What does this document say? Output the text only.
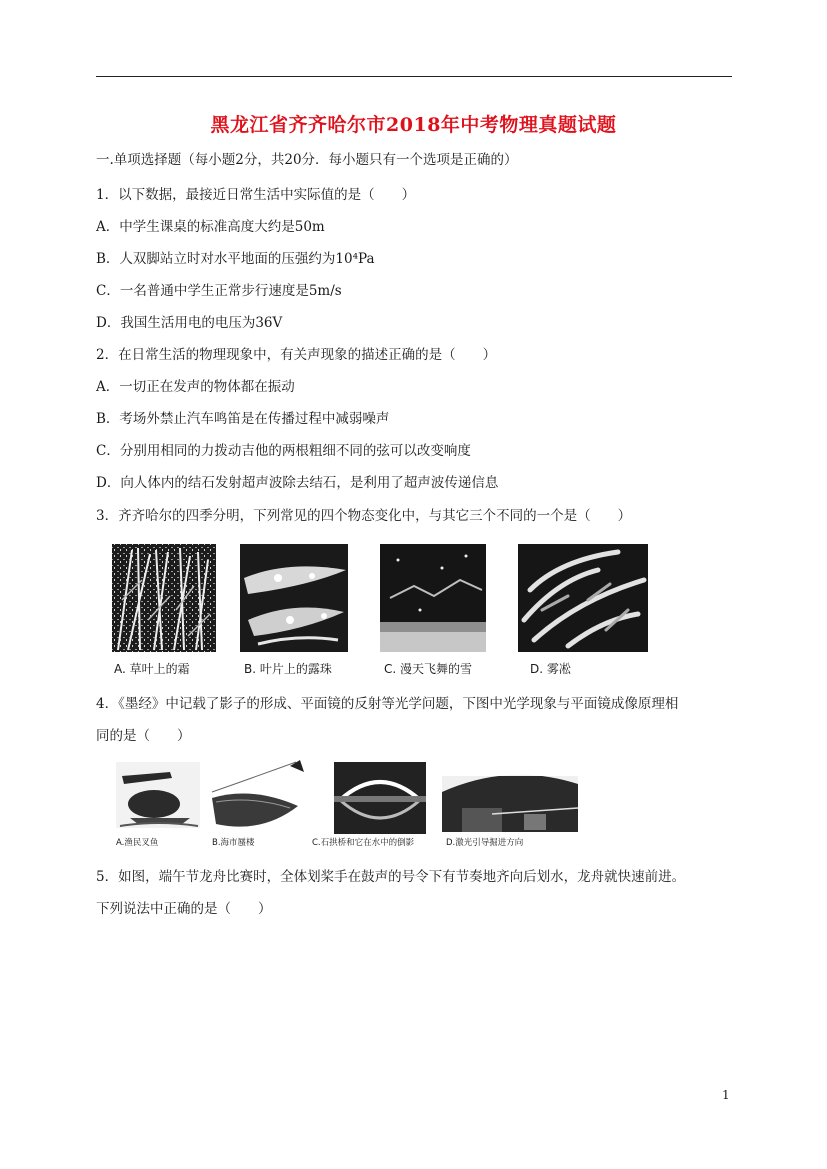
黑龙江省齐齐哈尔市2018年中考物理真题试题
一.单项选择题（每小题2分，共20分．每小题只有一个选项是正确的）
1．以下数据，最接近日常生活中实际值的是（　　）
A．中学生课桌的标准高度大约是50m
B．人双脚站立时对水平地面的压强约为10⁴Pa
C．一名普通中学生正常步行速度是5m/s
D．我国生活用电的电压为36V
2．在日常生活的物理现象中，有关声现象的描述正确的是（　　）
A．一切正在发声的物体都在振动
B．考场外禁止汽车鸣笛是在传播过程中减弱噪声
C．分别用相同的力拨动吉他的两根粗细不同的弦可以改变响度
D．向人体内的结石发射超声波除去结石，是利用了超声波传递信息
3．齐齐哈尔的四季分明，下列常见的四个物态变化中，与其它三个不同的一个是（　　）
A. 草叶上的霜	B. 叶片上的露珠	C. 漫天飞舞的雪	D. 雾凇
4．《墨经》中记载了影子的形成、平面镜的反射等光学问题，下图中光学现象与平面镜成像原理相
同的是（　　）
A.渔民叉鱼	B.海市蜃楼	C.石拱桥和它在水中的倒影	D.激光引导掘进方向
5．如图，端午节龙舟比赛时，全体划桨手在鼓声的号令下有节奏地齐向后划水，龙舟就快速前进。
下列说法中正确的是（　　）
1
